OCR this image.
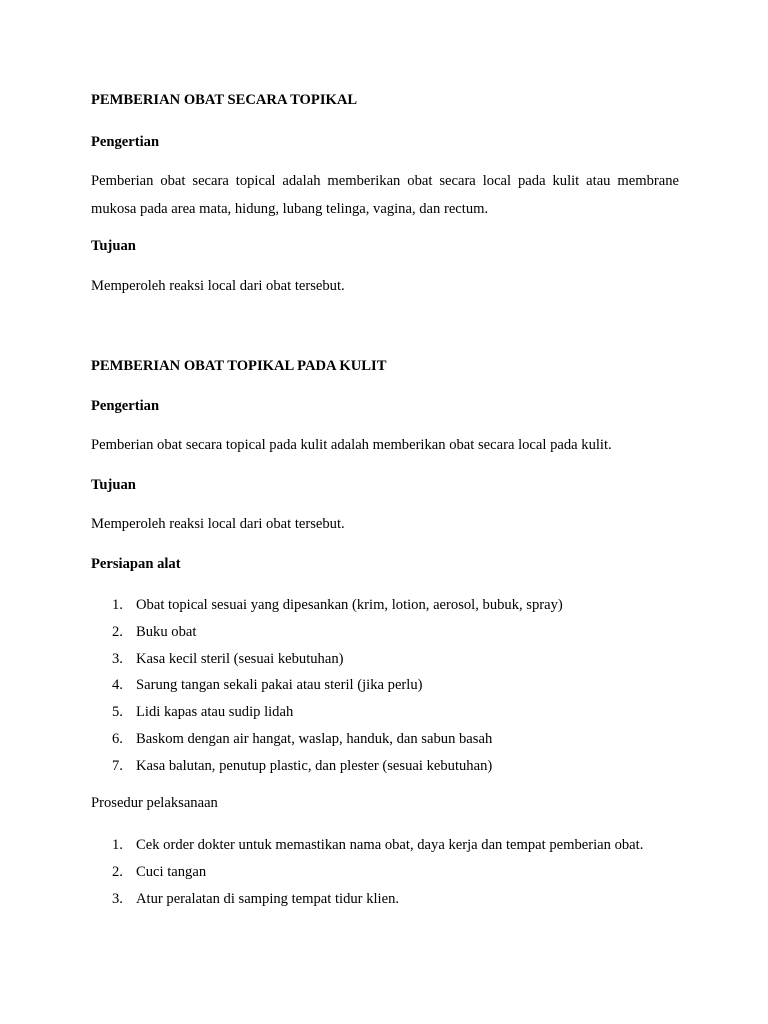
PEMBERIAN OBAT SECARA TOPIKAL
Pengertian

Pemberian obat secara topical adalah memberikan obat secara local pada kulit atau membrane mukosa pada area mata, hidung, lubang telinga, vagina, dan rectum.

Tujuan
Memperoleh reaksi local dari obat tersebut.
PEMBERIAN OBAT TOPIKAL PADA KULIT
Pengertian
Pemberian obat secara topical pada kulit adalah memberikan obat secara local pada kulit.
Tujuan
Memperoleh reaksi local dari obat tersebut.
Persiapan alat
1. Obat topical sesuai yang dipesankan (krim, lotion, aerosol, bubuk, spray)
2. Buku obat
3. Kasa kecil steril (sesuai kebutuhan)
4. Sarung tangan sekali pakai atau steril (jika perlu)
5. Lidi kapas atau sudip lidah
6. Baskom dengan air hangat, waslap, handuk, dan sabun basah
7. Kasa balutan, penutup plastic, dan plester (sesuai kebutuhan)
Prosedur pelaksanaan
1. Cek order dokter untuk memastikan nama obat, daya kerja dan tempat pemberian obat.
2. Cuci tangan
3. Atur peralatan di samping tempat tidur klien.
